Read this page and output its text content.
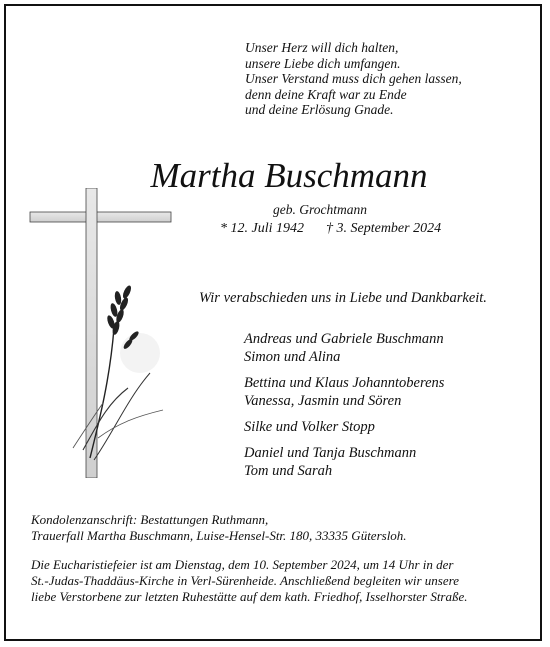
Unser Herz will dich halten,
unsere Liebe dich umfangen.
Unser Verstand muss dich gehen lassen,
denn deine Kraft war zu Ende
und deine Erlösung Gnade.
Martha Buschmann
geb. Grochtmann
* 12. Juli 1942 † 3. September 2024
Wir verabschieden uns in Liebe und Dankbarkeit.
Andreas und Gabriele Buschmann
Simon und Alina
Bettina und Klaus Johanntoberens
Vanessa, Jasmin und Sören
Silke und Volker Stopp
Daniel und Tanja Buschmann
Tom und Sarah
Kondolenzanschrift: Bestattungen Ruthmann,
Trauerfall Martha Buschmann, Luise-Hensel-Str. 180, 33335 Gütersloh.
Die Eucharistiefeier ist am Dienstag, dem 10. September 2024, um 14 Uhr in der
St.-Judas-Thaddäus-Kirche in Verl-Sürenheide. Anschließend begleiten wir unsere
liebe Verstorbene zur letzten Ruhestätte auf dem kath. Friedhof, Isselhorster Straße.
